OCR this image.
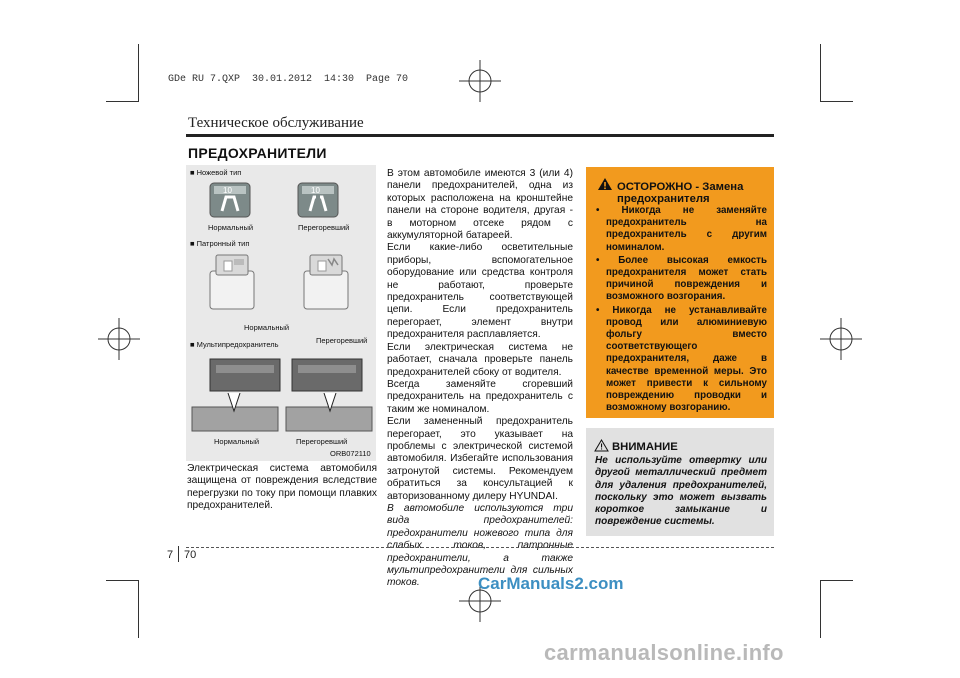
GDe RU 7.QXP  30.01.2012  14:30  Page 70
Техническое обслуживание
ПРЕДОХРАНИТЕЛИ
■ Ножевой тип
10
Нормальный
10
Перегоревший
■ Патронный тип
Нормальный
Перегоревший
■ Мультипредохранитель
Нормальный	Перегоревший
ORB072110

Электрическая система автомобиля защищена от повреждения вследствие перегрузки по току при помощи плавких предохранителей.

В этом автомобиле имеются 3 (или 4) панели предохранителей, одна из которых расположена на кронштейне панели на стороне водителя, другая - в моторном отсеке рядом с аккумуляторной батареей.

Если какие-либо осветительные приборы, вспомогательное оборудование или средства контроля не работают, проверьте предохранитель соответствующей цепи. Если предохранитель перегорает, элемент внутри предохранителя расплавляется.

Если электрическая система не работает, сначала проверьте панель предохранителей сбоку от водителя.

Всегда заменяйте сгоревший предохранитель на предохранитель с таким же номиналом.

Если замененный предохранитель перегорает, это указывает на проблемы с электрической системой автомобиля. Избегайте использования затронутой системы. Рекомендуем обратиться за консультацией к авторизованному дилеру HYUNDAI.

В автомобиле используются три вида предохранителей: предохранители ножевого типа для слабых токов, патронные предохранители, а также мультипредохранители для сильных токов.

ОСТОРОЖНО - Замена предохранителя
• Никогда не заменяйте предохранитель на предохранитель с другим номиналом.
• Более высокая емкость предохранителя может стать причиной повреждения и возможного возгорания.
• Никогда не устанавливайте провод или алюминиевую фольгу вместо соответствующего предохранителя, даже в качестве временной меры. Это может привести к сильному повреждению проводки и возможному возгоранию.
ВНИМАНИЕ
Не используйте отвертку или другой металлический предмет для удаления предохранителей, поскольку это может вызвать короткое замыкание и повреждение системы.
7 70
CarManuals2.com
carmanualsonline.info
